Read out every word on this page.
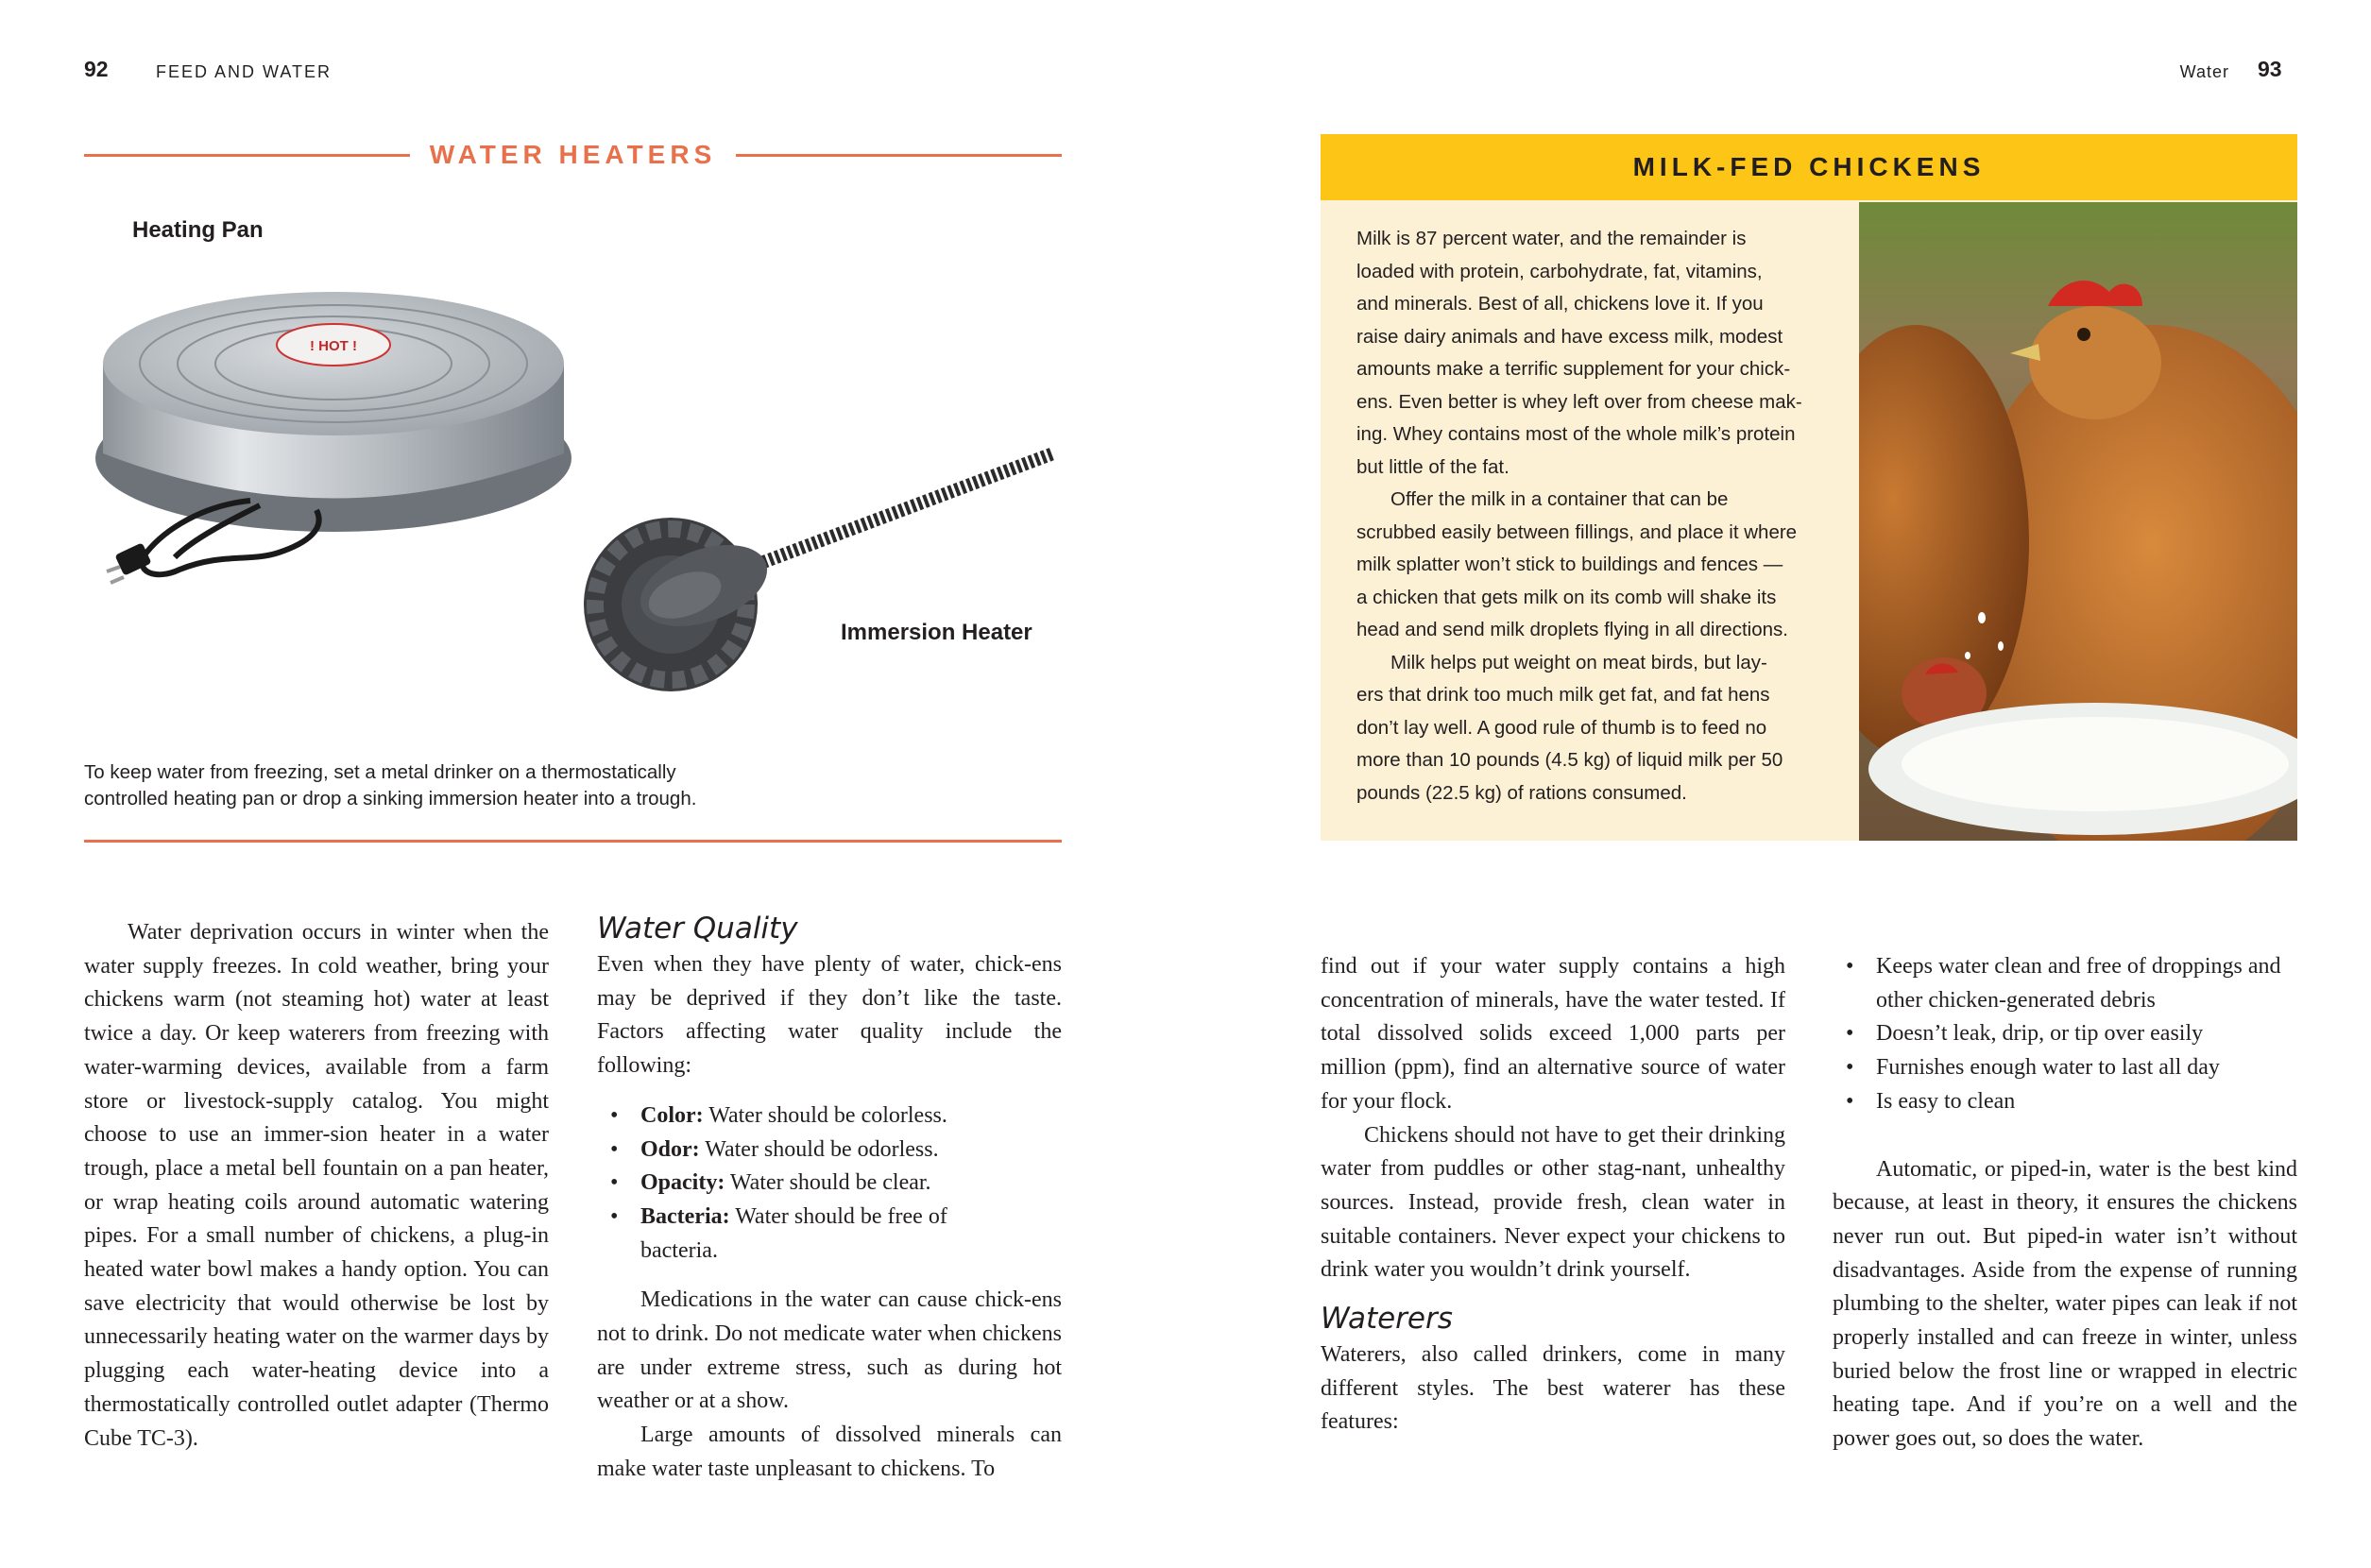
92	FEED AND WATER	Water 93
WATER HEATERS
Heating Pan
! HOT !
Immersion Heater
To keep water from freezing, set a metal drinker on a thermostatically
controlled heating pan or drop a sinking immersion heater into a trough.
MILK-FED CHICKENS

Milk is 87 percent water, and the remainder is
loaded with protein, carbohydrate, fat, vitamins,
and minerals. Best of all, chickens love it. If you
raise dairy animals and have excess milk, modest
amounts make a terrific supplement for your chick-
ens. Even better is whey left over from cheese mak-
ing. Whey contains most of the whole milk’s protein
but little of the fat.

Offer the milk in a container that can be
scrubbed easily between fillings, and place it where
milk splatter won’t stick to buildings and fences —
a chicken that gets milk on its comb will shake its
head and send milk droplets flying in all directions.

Milk helps put weight on meat birds, but lay-
ers that drink too much milk get fat, and fat hens
don’t lay well. A good rule of thumb is to feed no
more than 10 pounds (4.5 kg) of liquid milk per 50
pounds (22.5 kg) of rations consumed.

Water deprivation occurs in winter when the water supply freezes. In cold weather, bring your chickens warm (not steaming hot) water at least twice a day. Or keep waterers from freezing with water-warming devices, available from a farm store or livestock-supply catalog. You might choose to use an immer-sion heater in a water trough, place a metal bell fountain on a pan heater, or wrap heating coils around automatic watering pipes. For a small number of chickens, a plug-in heated water bowl makes a handy option. You can save electricity that would otherwise be lost by unnecessarily heating water on the warmer days by plugging each water-heating device into a thermostatically controlled outlet adapter (Thermo Cube TC-3).

Water Quality

Even when they have plenty of water, chick-ens may be deprived if they don’t like the taste. Factors affecting water quality include the following:

• Color: Water should be colorless.
• Odor: Water should be odorless.
• Opacity: Water should be clear.
• Bacteria: Water should be free of bacteria.

Medications in the water can cause chick-ens not to drink. Do not medicate water when chickens are under extreme stress, such as during hot weather or at a show.

Large amounts of dissolved minerals can make water taste unpleasant to chickens. To

find out if your water supply contains a high concentration of minerals, have the water tested. If total dissolved solids exceed 1,000 parts per million (ppm), find an alternative source of water for your flock.

Chickens should not have to get their drinking water from puddles or other stag-nant, unhealthy sources. Instead, provide fresh, clean water in suitable containers. Never expect your chickens to drink water you wouldn’t drink yourself.

Waterers

Waterers, also called drinkers, come in many different styles. The best waterer has these features:

• Keeps water clean and free of droppings and other chicken-generated debris
• Doesn’t leak, drip, or tip over easily
• Furnishes enough water to last all day
• Is easy to clean

Automatic, or piped-in, water is the best kind because, at least in theory, it ensures the chickens never run out. But piped-in water isn’t without disadvantages. Aside from the expense of running plumbing to the shelter, water pipes can leak if not properly installed and can freeze in winter, unless buried below the frost line or wrapped in electric heating tape. And if you’re on a well and the power goes out, so does the water.
